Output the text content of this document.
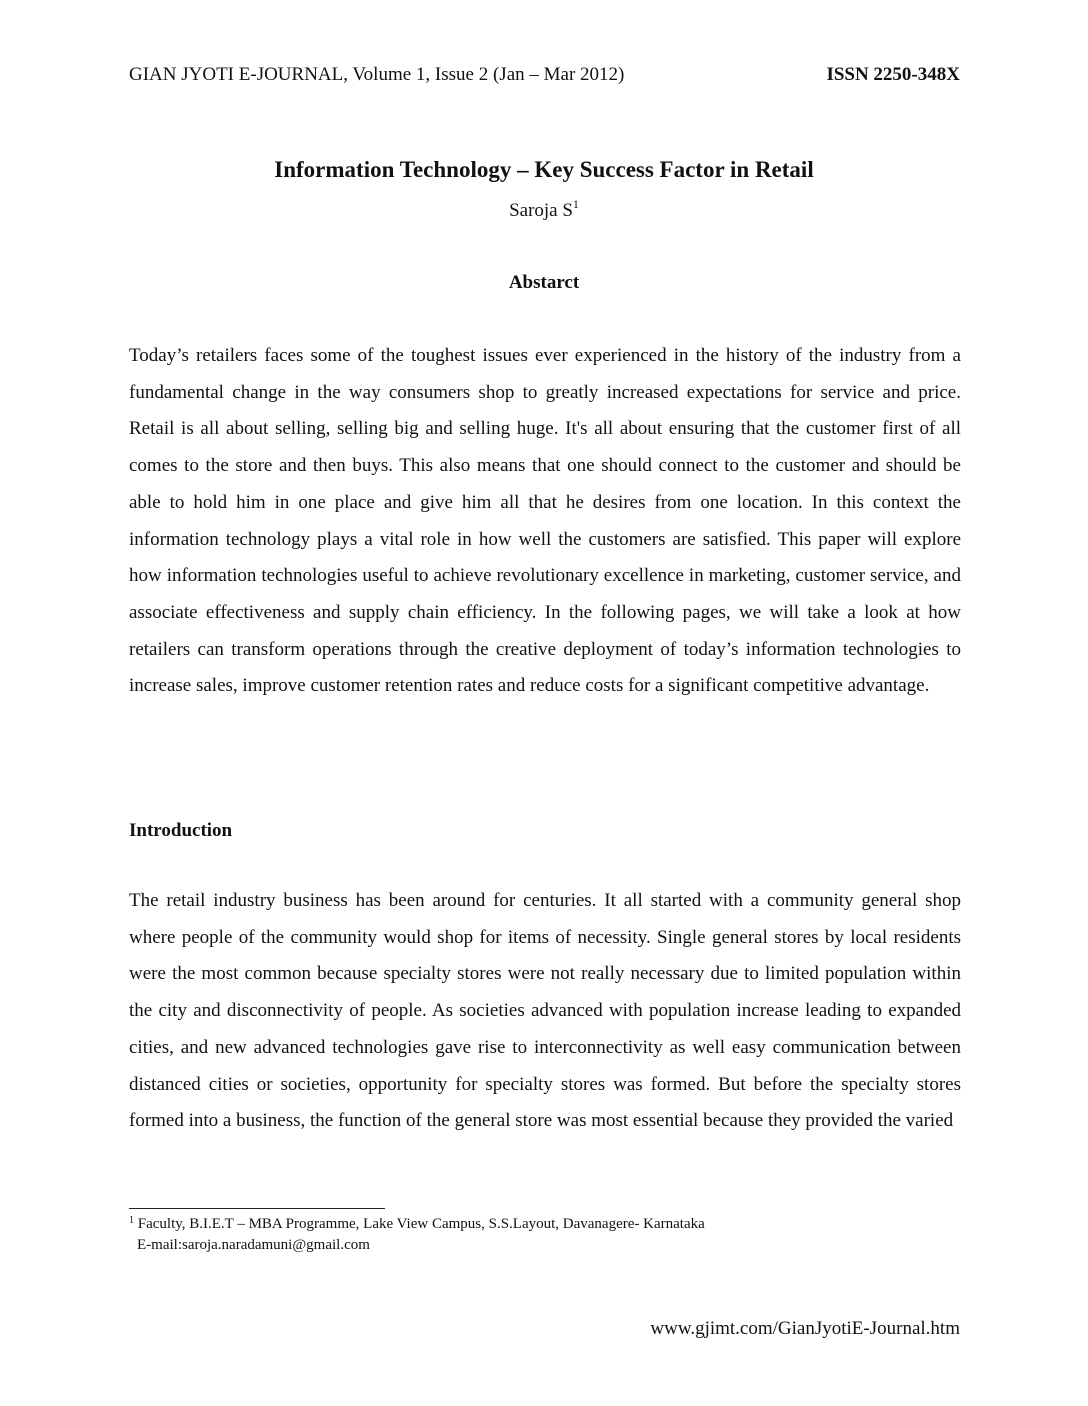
GIAN JYOTI E-JOURNAL, Volume 1, Issue 2 (Jan – Mar 2012)	ISSN 2250-348X
Information Technology – Key Success Factor in Retail
Saroja $S^1$
Abstarct

Today’s retailers faces some of the toughest issues ever experienced in the history of the industry from a fundamental change in the way consumers shop to greatly increased expectations for service and price. Retail is all about selling, selling big and selling huge. It's all about ensuring that the customer first of all comes to the store and then buys. This also means that one should connect to the customer and should be able to hold him in one place and give him all that he desires from one location. In this context the information technology plays a vital role in how well the customers are satisfied. This paper will explore how information technologies useful to achieve revolutionary excellence in marketing, customer service, and associate effectiveness and supply chain efficiency. In the following pages, we will take a look at how retailers can transform operations through the creative deployment of today’s information technologies to increase sales, improve customer retention rates and reduce costs for a significant competitive advantage.

Introduction

The retail industry business has been around for centuries. It all started with a community general shop where people of the community would shop for items of necessity. Single general stores by local residents were the most common because specialty stores were not really necessary due to limited population within the city and disconnectivity of people. As societies advanced with population increase leading to expanded cities, and new advanced technologies gave rise to interconnectivity as well easy communication between distanced cities or societies, opportunity for specialty stores was formed. But before the specialty stores formed into a business, the function of the general store was most essential because they provided the varied

$^1$ Faculty, B.I.E.T – MBA Programme, Lake View Campus, S.S.Layout, Davanagere- Karnataka
E-mail:saroja.naradamuni@gmail.com
www.gjimt.com/GianJyotiE-Journal.htm
